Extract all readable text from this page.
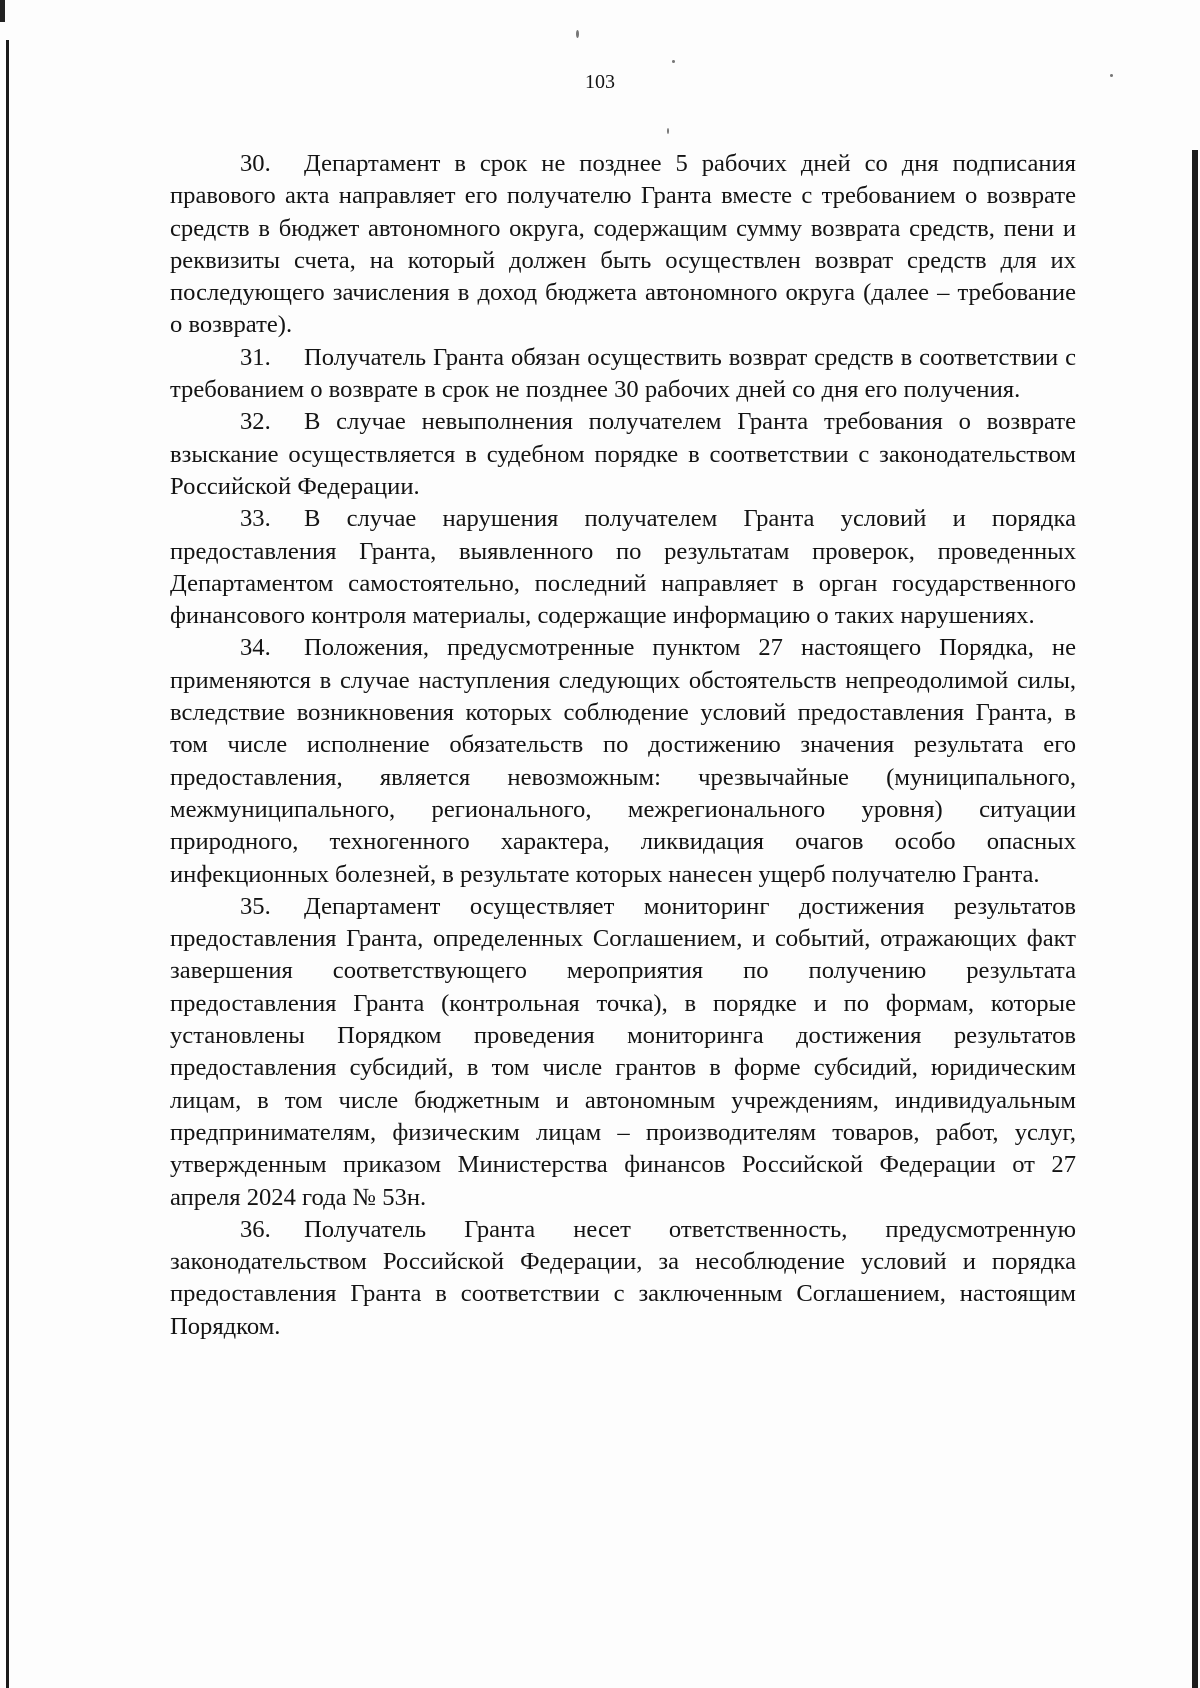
103

30. Департамент в срок не позднее 5 рабочих дней со дня подписания правового акта направляет его получателю Гранта вместе с требованием о возврате средств в бюджет автономного округа, содержащим сумму возврата средств, пени и реквизиты счета, на который должен быть осуществлен возврат средств для их последующего зачисления в доход бюджета автономного округа (далее – требование о возврате).

31. Получатель Гранта обязан осуществить возврат средств в соответствии с требованием о возврате в срок не позднее 30 рабочих дней со дня его получения.

32. В случае невыполнения получателем Гранта требования о возврате взыскание осуществляется в судебном порядке в соответствии с законодательством Российской Федерации.

33. В случае нарушения получателем Гранта условий и порядка предоставления Гранта, выявленного по результатам проверок, проведенных Департаментом самостоятельно, последний направляет в орган государственного финансового контроля материалы, содержащие информацию о таких нарушениях.

34. Положения, предусмотренные пунктом 27 настоящего Порядка, не применяются в случае наступления следующих обстоятельств непреодолимой силы, вследствие возникновения которых соблюдение условий предоставления Гранта, в том числе исполнение обязательств по достижению значения результата его предоставления, является невозможным: чрезвычайные (муниципального, межмуниципального, регионального, межрегионального уровня) ситуации природного, техногенного характера, ликвидация очагов особо опасных инфекционных болезней, в результате которых нанесен ущерб получателю Гранта.

35. Департамент осуществляет мониторинг достижения результатов предоставления Гранта, определенных Соглашением, и событий, отражающих факт завершения соответствующего мероприятия по получению результата предоставления Гранта (контрольная точка), в порядке и по формам, которые установлены Порядком проведения мониторинга достижения результатов предоставления субсидий, в том числе грантов в форме субсидий, юридическим лицам, в том числе бюджетным и автономным учреждениям, индивидуальным предпринимателям, физическим лицам – производителям товаров, работ, услуг, утвержденным приказом Министерства финансов Российской Федерации от 27 апреля 2024 года № 53н.

36. Получатель Гранта несет ответственность, предусмотренную законодательством Российской Федерации, за несоблюдение условий и порядка предоставления Гранта в соответствии с заключенным Соглашением, настоящим Порядком.
